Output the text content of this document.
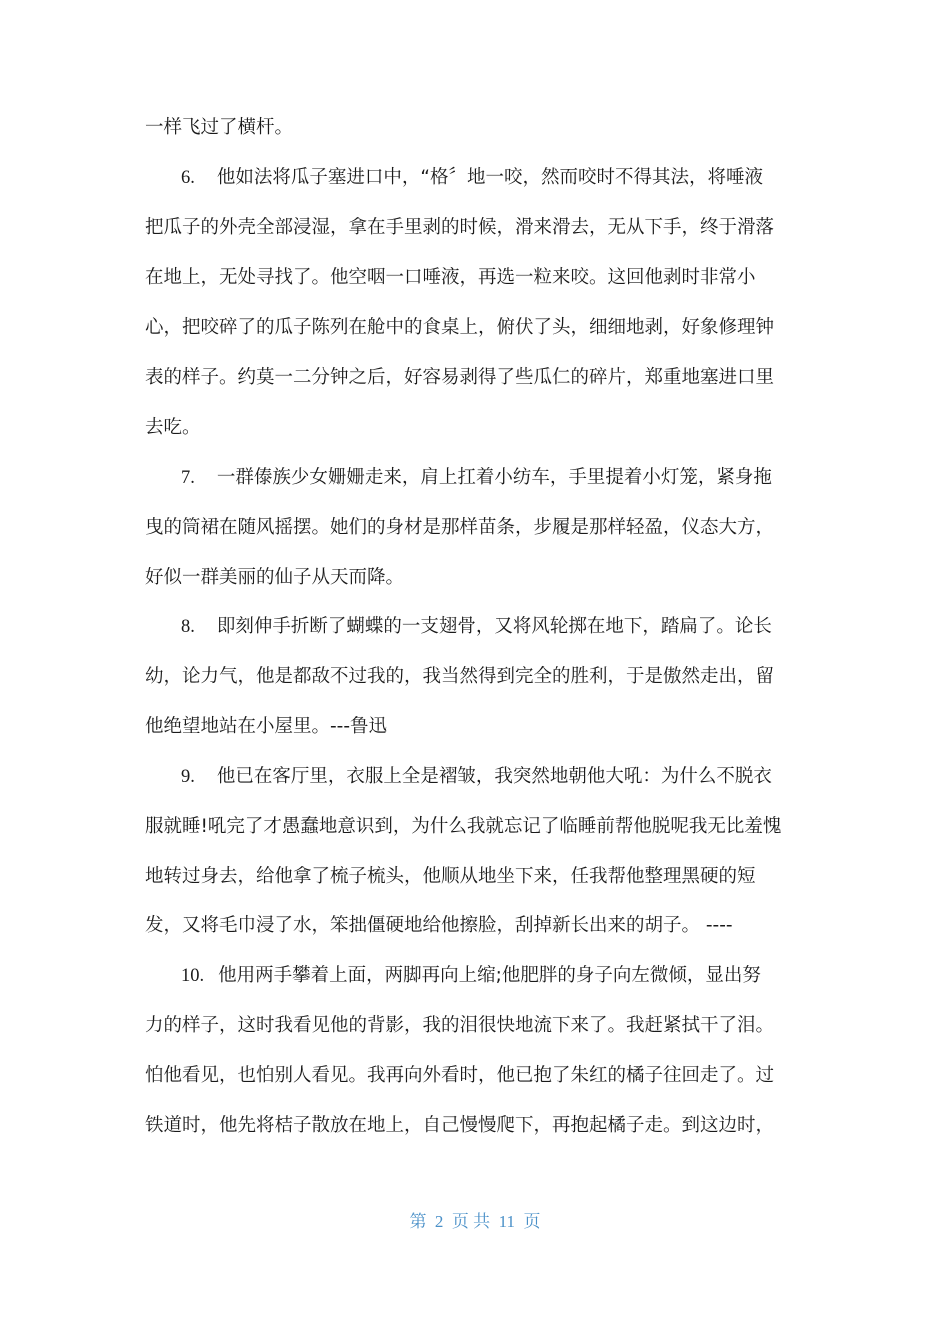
一样飞过了横杆。
6. 他如法将瓜子塞进口中，“格〞地一咬，然而咬时不得其法，将唾液
把瓜子的外壳全部浸湿，拿在手里剥的时候，滑来滑去，无从下手，终于滑落
在地上，无处寻找了。他空咽一口唾液，再选一粒来咬。这回他剥时非常小
心，把咬碎了的瓜子陈列在舱中的食桌上，俯伏了头，细细地剥，好象修理钟
表的样子。约莫一二分钟之后，好容易剥得了些瓜仁的碎片，郑重地塞进口里
去吃。
7. 一群傣族少女姗姗走来，肩上扛着小纺车，手里提着小灯笼，紧身拖
曳的筒裙在随风摇摆。她们的身材是那样苗条，步履是那样轻盈，仪态大方，
好似一群美丽的仙子从天而降。
8. 即刻伸手折断了蝴蝶的一支翅骨，又将风轮掷在地下，踏扁了。论长
幼，论力气，他是都敌不过我的，我当然得到完全的胜利，于是傲然走出，留
他绝望地站在小屋里。---鲁迅
9. 他已在客厅里，衣服上全是褶皱，我突然地朝他大吼：为什么不脱衣
服就睡!吼完了才愚蠢地意识到，为什么我就忘记了临睡前帮他脱呢我无比羞愧
地转过身去，给他拿了梳子梳头，他顺从地坐下来，任我帮他整理黑硬的短
发，又将毛巾浸了水，笨拙僵硬地给他擦脸，刮掉新长出来的胡子。 ----
10. 他用两手攀着上面，两脚再向上缩;他肥胖的身子向左微倾，显出努
力的样子，这时我看见他的背影，我的泪很快地流下来了。我赶紧拭干了泪。
怕他看见，也怕别人看见。我再向外看时，他已抱了朱红的橘子往回走了。过
铁道时，他先将桔子散放在地上，自己慢慢爬下，再抱起橘子走。到这边时，
第  2  页 共  11  页
